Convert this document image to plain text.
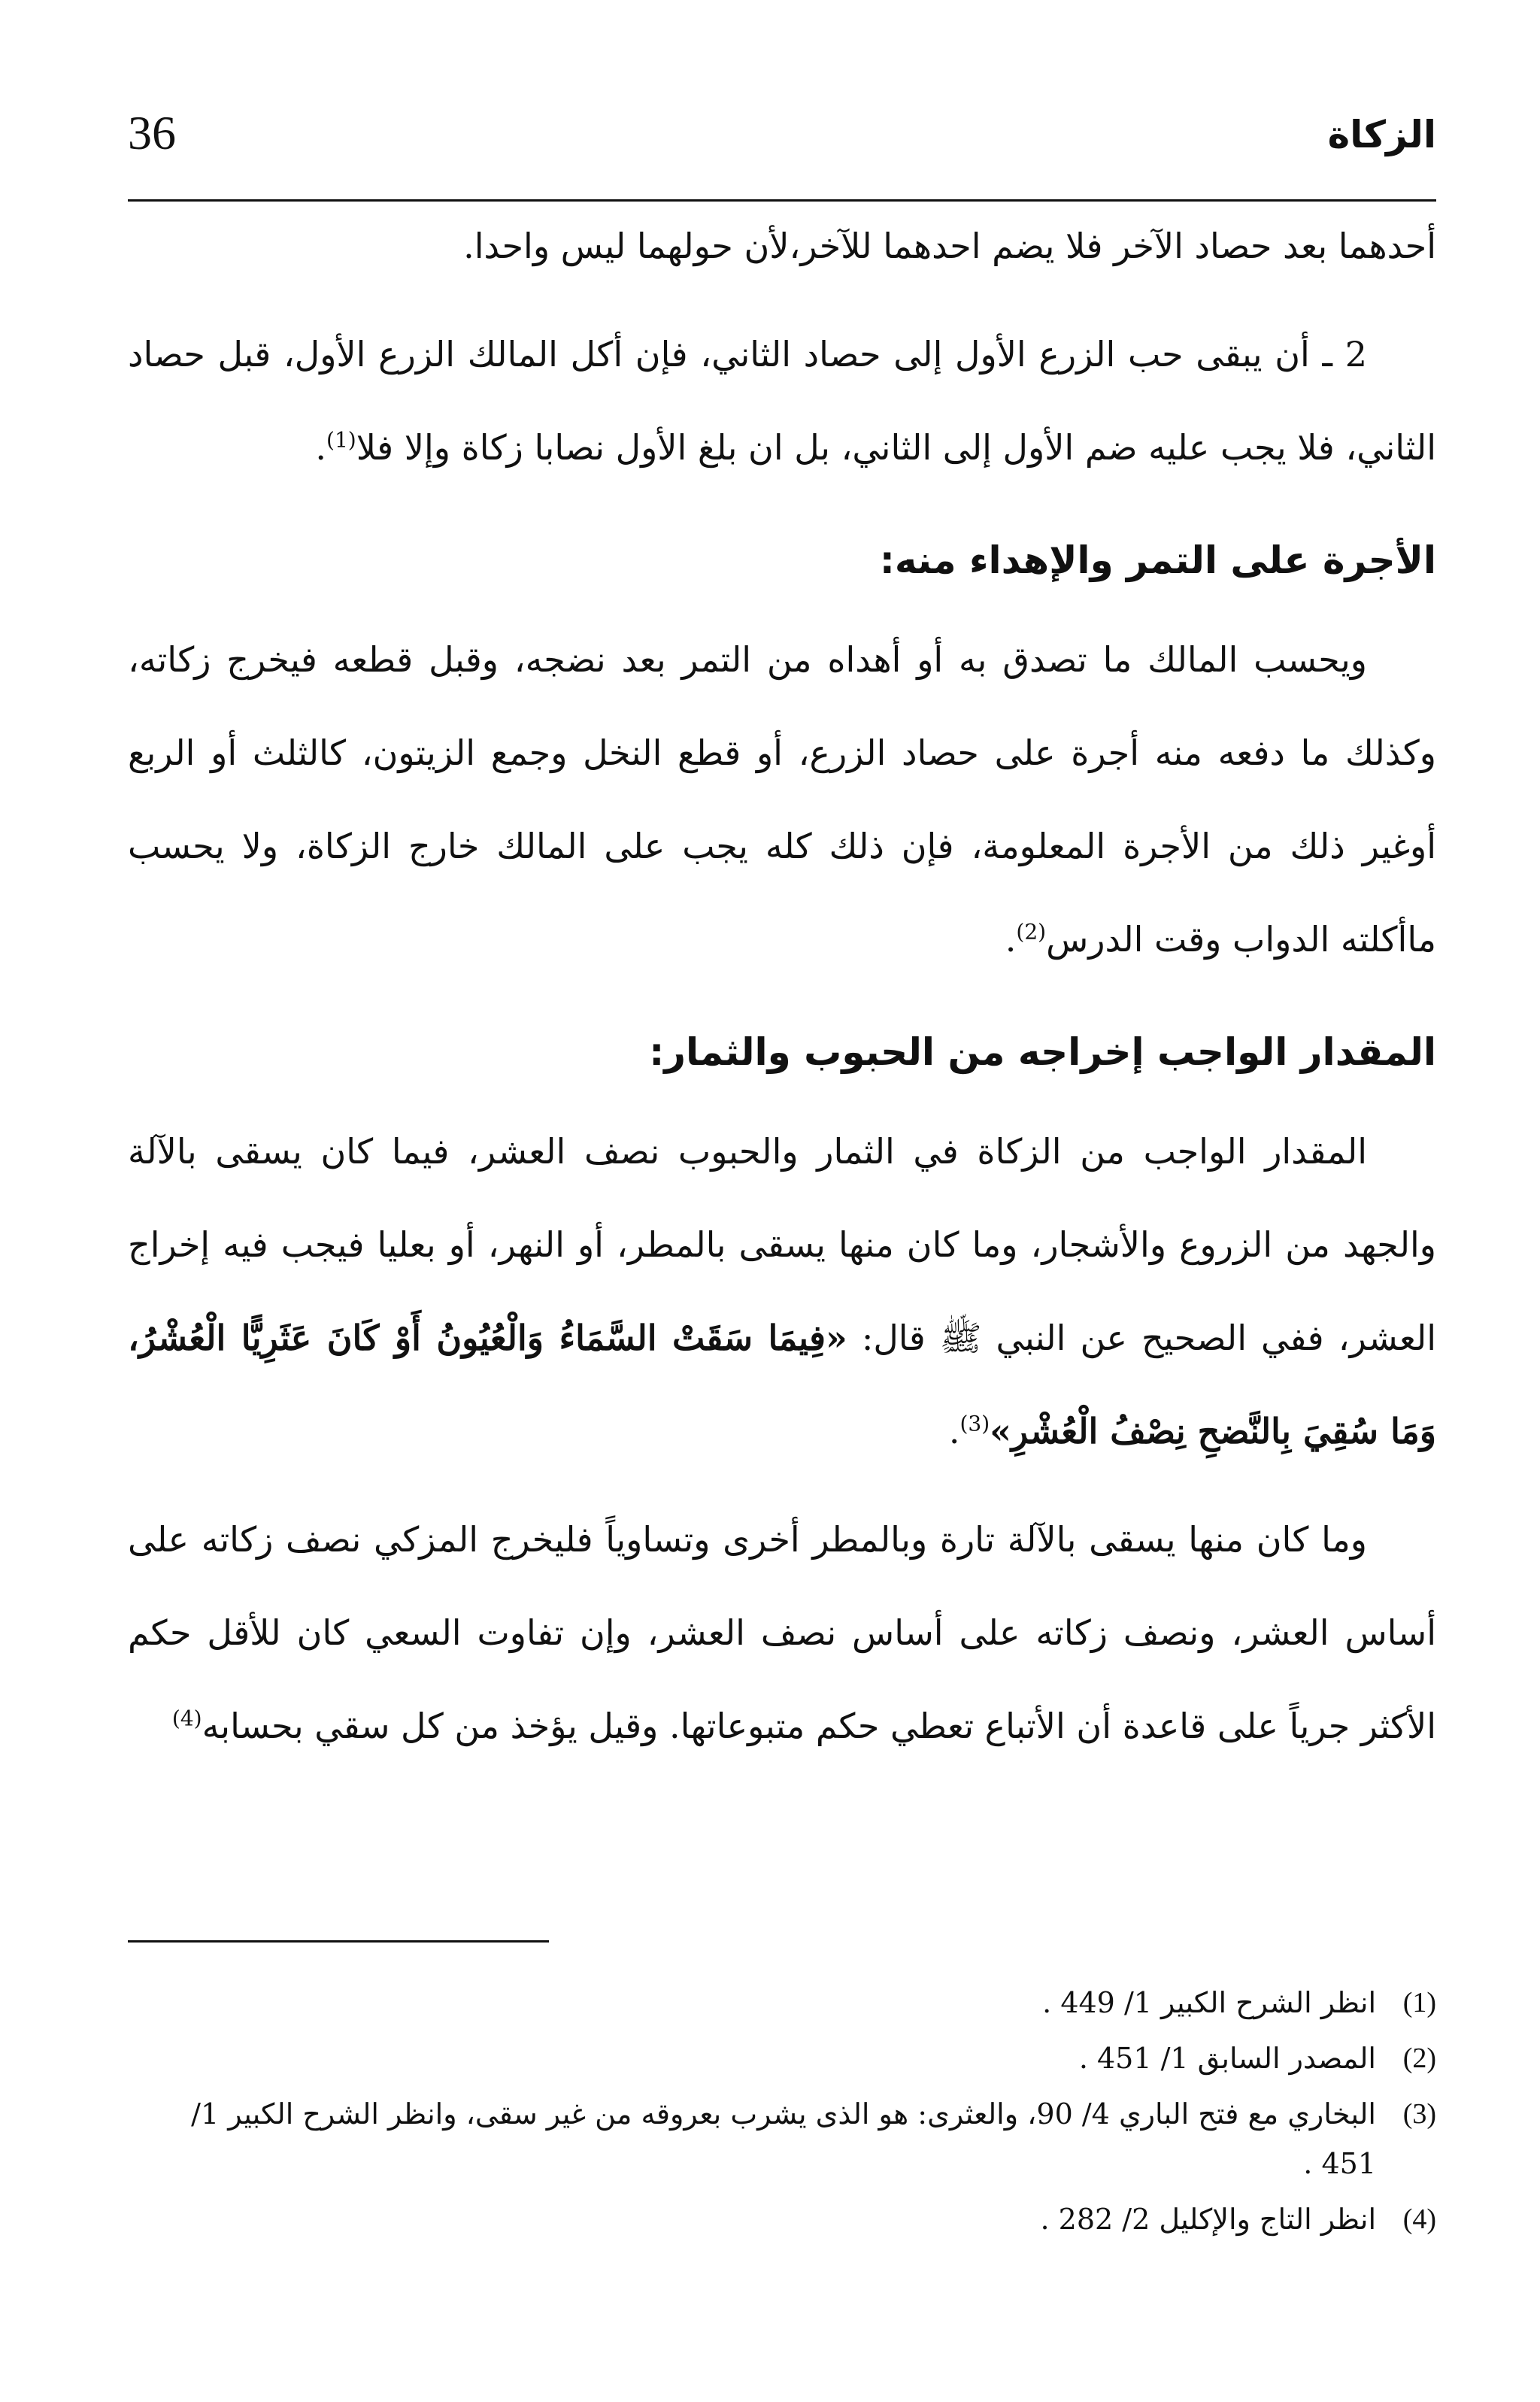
الزكاة
36

أحدهما بعد حصاد الآخر فلا يضم احدهما للآخر،لأن حولهما ليس واحدا.

2 ـ أن يبقى حب الزرع الأول إلى حصاد الثاني، فإن أكل المالك الزرع الأول، قبل حصاد الثاني، فلا يجب عليه ضم الأول إلى الثاني، بل ان بلغ الأول نصابا زكاة وإلا فلا$^{(1)}$.

الأجرة على التمر والإهداء منه:

ويحسب المالك ما تصدق به أو أهداه من التمر بعد نضجه، وقبل قطعه فيخرج زكاته، وكذلك ما دفعه منه أجرة على حصاد الزرع، أو قطع النخل وجمع الزيتون، كالثلث أو الربع أوغير ذلك من الأجرة المعلومة، فإن ذلك كله يجب على المالك خارج الزكاة، ولا يحسب ماأكلته الدواب وقت الدرس$^{(2)}$.

المقدار الواجب إخراجه من الحبوب والثمار:

المقدار الواجب من الزكاة في الثمار والحبوب نصف العشر، فيما كان يسقى بالآلة والجهد من الزروع والأشجار، وما كان منها يسقى بالمطر، أو النهر، أو بعليا فيجب فيه إخراج العشر، ففي الصحيح عن النبي ﷺ قال: «فِيمَا سَقَتْ السَّمَاءُ وَالْعُيُونُ أَوْ كَانَ عَثَرِيًّا الْعُشْرُ، وَمَا سُقِيَ بِالنَّضحِ نِصْفُ الْعُشْرِ»$^{(3)}$.

وما كان منها يسقى بالآلة تارة وبالمطر أخرى وتساوياً فليخرج المزكي نصف زكاته على أساس العشر، ونصف زكاته على أساس نصف العشر، وإن تفاوت السعي كان للأقل حكم الأكثر جرياً على قاعدة أن الأتباع تعطي حكم متبوعاتها. وقيل يؤخذ من كل سقي بحسابه$^{(4)}$

(1)
انظر الشرح الكبير 1/ 449 .
(2)
المصدر السابق 1/ 451 .
(3)
البخاري مع فتح الباري 4/ 90، والعثرى: هو الذى يشرب بعروقه من غير سقى، وانظر الشرح الكبير 1/ 451 .
(4)
انظر التاج والإكليل 2/ 282 .
